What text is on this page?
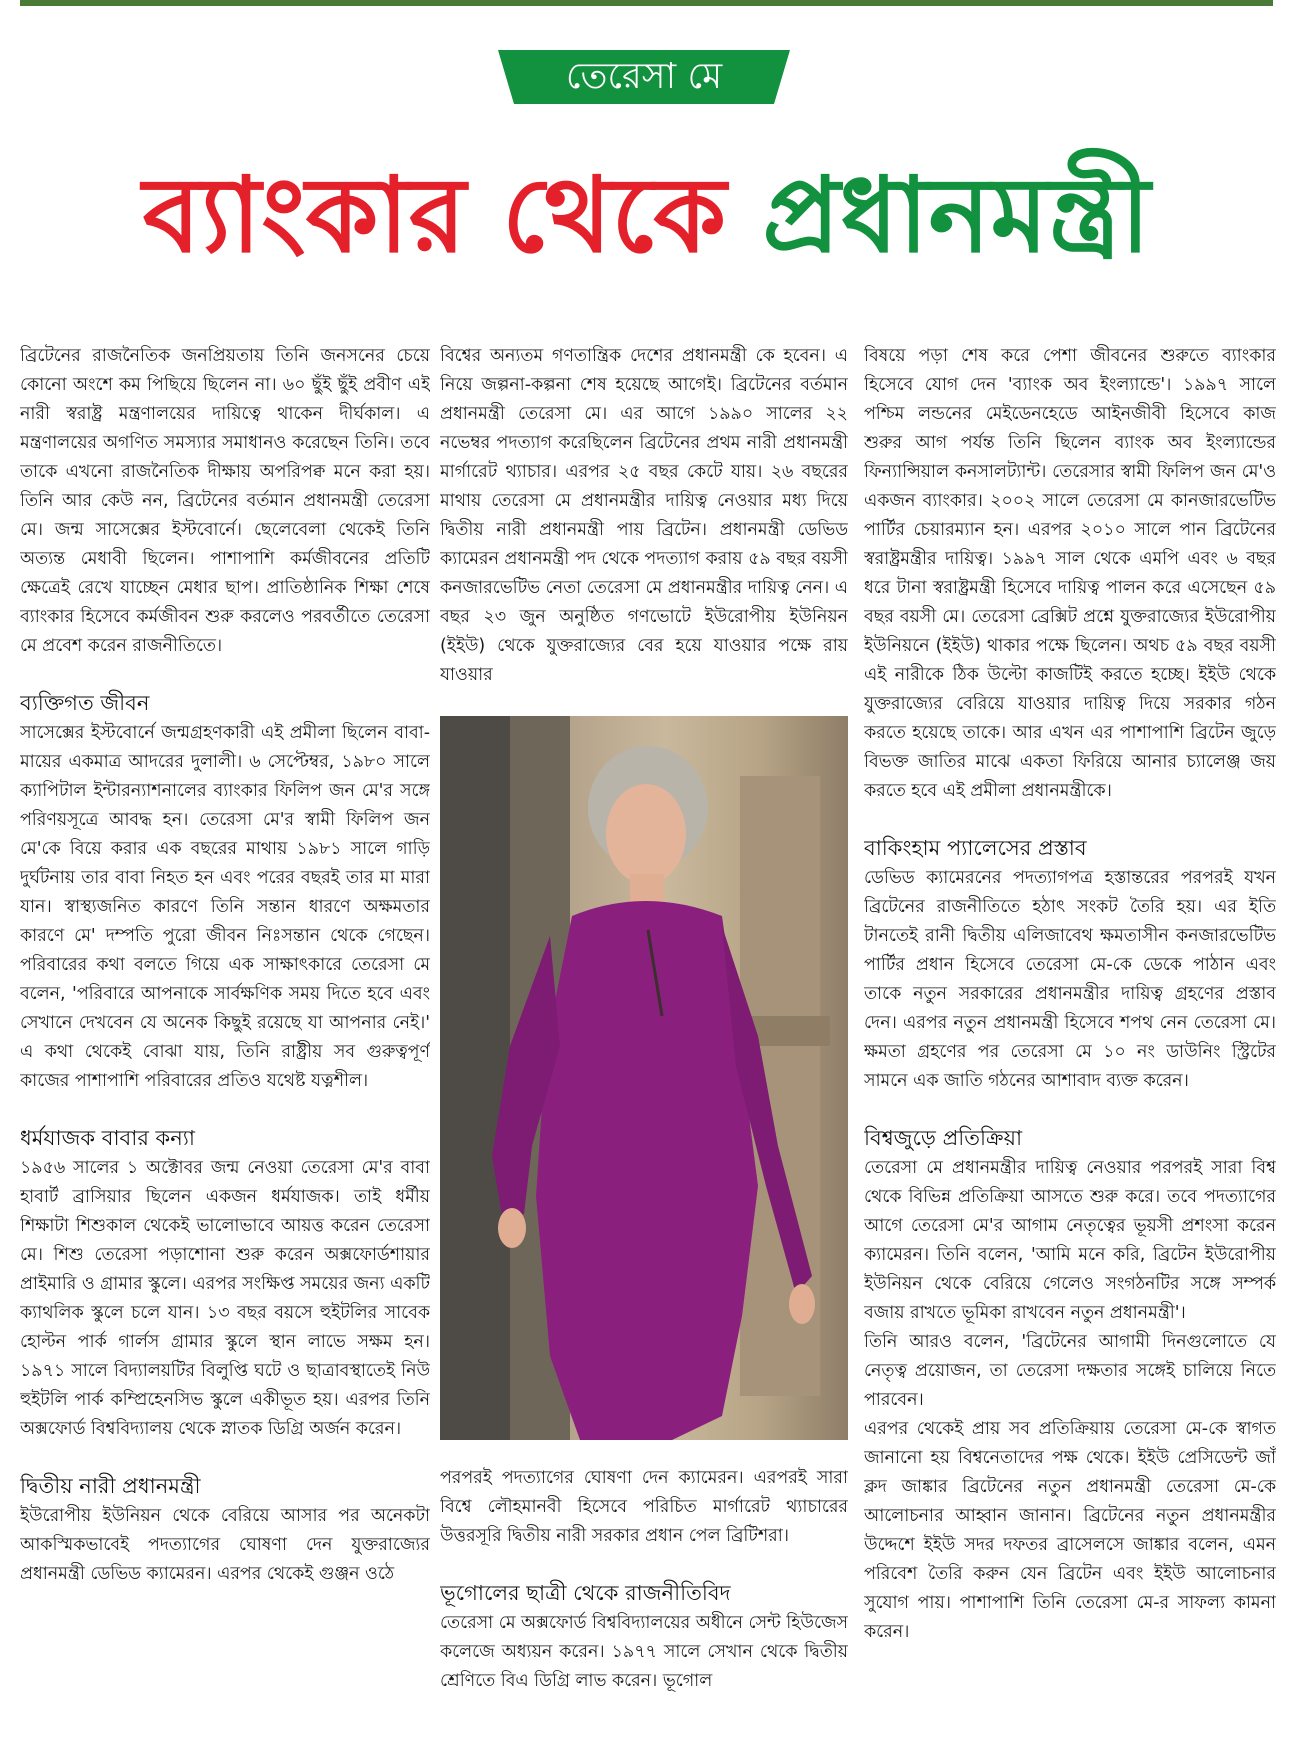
তেরেসা মে
ব্যাংকার থেকে প্রধানমন্ত্রী

ব্রিটেনের রাজনৈতিক জনপ্রিয়তায় তিনি জনসনের চেয়ে কোনো অংশে কম পিছিয়ে ছিলেন না। ৬০ ছুঁই ছুঁই প্রবীণ এই নারী স্বরাষ্ট্র মন্ত্রণালয়ের দায়িত্বে থাকেন দীর্ঘকাল। এ মন্ত্রণালয়ের অগণিত সমস্যার সমাধানও করেছেন তিনি। তবে তাকে এখনো রাজনৈতিক দীক্ষায় অপরিপক্ব মনে করা হয়। তিনি আর কেউ নন, ব্রিটেনের বর্তমান প্রধানমন্ত্রী তেরেসা মে। জন্ম সাসেক্সের ইস্টবোর্নে। ছেলেবেলা থেকেই তিনি অত্যন্ত মেধাবী ছিলেন। পাশাপাশি কর্মজীবনের প্রতিটি ক্ষেত্রেই রেখে যাচ্ছেন মেধার ছাপ। প্রাতিষ্ঠানিক শিক্ষা শেষে ব্যাংকার হিসেবে কর্মজীবন শুরু করলেও পরবর্তীতে তেরেসা মে প্রবেশ করেন রাজনীতিতে।

ব্যক্তিগত জীবন

সাসেক্সের ইস্টবোর্নে জন্মগ্রহণকারী এই প্রমীলা ছিলেন বাবা-মায়ের একমাত্র আদরের দুলালী। ৬ সেপ্টেম্বর, ১৯৮০ সালে ক্যাপিটাল ইন্টারন্যাশনালের ব্যাংকার ফিলিপ জন মে'র সঙ্গে পরিণয়সূত্রে আবদ্ধ হন। তেরেসা মে'র স্বামী ফিলিপ জন মে'কে বিয়ে করার এক বছরের মাথায় ১৯৮১ সালে গাড়ি দুর্ঘটনায় তার বাবা নিহত হন এবং পরের বছরই তার মা মারা যান। স্বাস্থ্যজনিত কারণে তিনি সন্তান ধারণে অক্ষমতার কারণে মে' দম্পতি পুরো জীবন নিঃসন্তান থেকে গেছেন। পরিবারের কথা বলতে গিয়ে এক সাক্ষাৎকারে তেরেসা মে বলেন, 'পরিবারে আপনাকে সার্বক্ষণিক সময় দিতে হবে এবং সেখানে দেখবেন যে অনেক কিছুই রয়েছে যা আপনার নেই।' এ কথা থেকেই বোঝা যায়, তিনি রাষ্ট্রীয় সব গুরুত্বপূর্ণ কাজের পাশাপাশি পরিবারের প্রতিও যথেষ্ট যত্নশীল।

ধর্মযাজক বাবার কন্যা

১৯৫৬ সালের ১ অক্টোবর জন্ম নেওয়া তেরেসা মে'র বাবা হাবার্ট ব্রাসিয়ার ছিলেন একজন ধর্মযাজক। তাই ধর্মীয় শিক্ষাটা শিশুকাল থেকেই ভালোভাবে আয়ত্ত করেন তেরেসা মে। শিশু তেরেসা পড়াশোনা শুরু করেন অক্সফোর্ডশায়ার প্রাইমারি ও গ্রামার স্কুলে। এরপর সংক্ষিপ্ত সময়ের জন্য একটি ক্যাথলিক স্কুলে চলে যান। ১৩ বছর বয়সে হুইটলির সাবেক হোল্টন পার্ক গার্লস গ্রামার স্কুলে স্থান লাভে সক্ষম হন। ১৯৭১ সালে বিদ্যালয়টির বিলুপ্তি ঘটে ও ছাত্রাবস্থাতেই নিউ হুইটলি পার্ক কম্প্রিহেনসিভ স্কুলে একীভূত হয়। এরপর তিনি অক্সফোর্ড বিশ্ববিদ্যালয় থেকে স্নাতক ডিগ্রি অর্জন করেন।

দ্বিতীয় নারী প্রধানমন্ত্রী

ইউরোপীয় ইউনিয়ন থেকে বেরিয়ে আসার পর অনেকটা আকস্মিকভাবেই পদত্যাগের ঘোষণা দেন যুক্তরাজ্যের প্রধানমন্ত্রী ডেভিড ক্যামেরন। এরপর থেকেই গুঞ্জন ওঠে

বিশ্বের অন্যতম গণতান্ত্রিক দেশের প্রধানমন্ত্রী কে হবেন। এ নিয়ে জল্পনা-কল্পনা শেষ হয়েছে আগেই। ব্রিটেনের বর্তমান প্রধানমন্ত্রী তেরেসা মে। এর আগে ১৯৯০ সালের ২২ নভেম্বর পদত্যাগ করেছিলেন ব্রিটেনের প্রথম নারী প্রধানমন্ত্রী মার্গারেট থ্যাচার। এরপর ২৫ বছর কেটে যায়। ২৬ বছরের মাথায় তেরেসা মে প্রধানমন্ত্রীর দায়িত্ব নেওয়ার মধ্য দিয়ে দ্বিতীয় নারী প্রধানমন্ত্রী পায় ব্রিটেন। প্রধানমন্ত্রী ডেভিড ক্যামেরন প্রধানমন্ত্রী পদ থেকে পদত্যাগ করায় ৫৯ বছর বয়সী কনজারভেটিভ নেতা তেরেসা মে প্রধানমন্ত্রীর দায়িত্ব নেন। এ বছর ২৩ জুন অনুষ্ঠিত গণভোটে ইউরোপীয় ইউনিয়ন (ইইউ) থেকে যুক্তরাজ্যের বের হয়ে যাওয়ার পক্ষে রায় যাওয়ার

পরপরই পদত্যাগের ঘোষণা দেন ক্যামেরন। এরপরই সারা বিশ্বে লৌহমানবী হিসেবে পরিচিত মার্গারেট থ্যাচারের উত্তরসূরি দ্বিতীয় নারী সরকার প্রধান পেল ব্রিটিশরা।

ভূগোলের ছাত্রী থেকে রাজনীতিবিদ

তেরেসা মে অক্সফোর্ড বিশ্ববিদ্যালয়ের অধীনে সেন্ট হিউজেস কলেজে অধ্যয়ন করেন। ১৯৭৭ সালে সেখান থেকে দ্বিতীয় শ্রেণিতে বিএ ডিগ্রি লাভ করেন। ভূগোল

বিষয়ে পড়া শেষ করে পেশা জীবনের শুরুতে ব্যাংকার হিসেবে যোগ দেন 'ব্যাংক অব ইংল্যান্ডে'। ১৯৯৭ সালে পশ্চিম লন্ডনের মেইডেনহেডে আইনজীবী হিসেবে কাজ শুরুর আগ পর্যন্ত তিনি ছিলেন ব্যাংক অব ইংল্যান্ডের ফিন্যান্সিয়াল কনসালট্যান্ট। তেরেসার স্বামী ফিলিপ জন মে'ও একজন ব্যাংকার। ২০০২ সালে তেরেসা মে কানজারভেটিভ পার্টির চেয়ারম্যান হন। এরপর ২০১০ সালে পান ব্রিটেনের স্বরাষ্ট্রমন্ত্রীর দায়িত্ব। ১৯৯৭ সাল থেকে এমপি এবং ৬ বছর ধরে টানা স্বরাষ্ট্রমন্ত্রী হিসেবে দায়িত্ব পালন করে এসেছেন ৫৯ বছর বয়সী মে। তেরেসা ব্রেক্সিট প্রশ্নে যুক্তরাজ্যের ইউরোপীয় ইউনিয়নে (ইইউ) থাকার পক্ষে ছিলেন। অথচ ৫৯ বছর বয়সী এই নারীকে ঠিক উল্টো কাজটিই করতে হচ্ছে। ইইউ থেকে যুক্তরাজ্যের বেরিয়ে যাওয়ার দায়িত্ব দিয়ে সরকার গঠন করতে হয়েছে তাকে। আর এখন এর পাশাপাশি ব্রিটেন জুড়ে বিভক্ত জাতির মাঝে একতা ফিরিয়ে আনার চ্যালেঞ্জ জয় করতে হবে এই প্রমীলা প্রধানমন্ত্রীকে।

বাকিংহাম প্যালেসের প্রস্তাব

ডেভিড ক্যামেরনের পদত্যাগপত্র হস্তান্তরের পরপরই যখন ব্রিটেনের রাজনীতিতে হঠাৎ সংকট তৈরি হয়। এর ইতি টানতেই রানী দ্বিতীয় এলিজাবেথ ক্ষমতাসীন কনজারভেটিভ পার্টির প্রধান হিসেবে তেরেসা মে-কে ডেকে পাঠান এবং তাকে নতুন সরকারের প্রধানমন্ত্রীর দায়িত্ব গ্রহণের প্রস্তাব দেন। এরপর নতুন প্রধানমন্ত্রী হিসেবে শপথ নেন তেরেসা মে। ক্ষমতা গ্রহণের পর তেরেসা মে ১০ নং ডাউনিং স্ট্রিটের সামনে এক জাতি গঠনের আশাবাদ ব্যক্ত করেন।

বিশ্বজুড়ে প্রতিক্রিয়া

তেরেসা মে প্রধানমন্ত্রীর দায়িত্ব নেওয়ার পরপরই সারা বিশ্ব থেকে বিভিন্ন প্রতিক্রিয়া আসতে শুরু করে। তবে পদত্যাগের আগে তেরেসা মে'র আগাম নেতৃত্বের ভূয়সী প্রশংসা করেন ক্যামেরন। তিনি বলেন, 'আমি মনে করি, ব্রিটেন ইউরোপীয় ইউনিয়ন থেকে বেরিয়ে গেলেও সংগঠনটির সঙ্গে সম্পর্ক বজায় রাখতে ভূমিকা রাখবেন নতুন প্রধানমন্ত্রী'।

তিনি আরও বলেন, 'ব্রিটেনের আগামী দিনগুলোতে যে নেতৃত্ব প্রয়োজন, তা তেরেসা দক্ষতার সঙ্গেই চালিয়ে নিতে পারবেন।

এরপর থেকেই প্রায় সব প্রতিক্রিয়ায় তেরেসা মে-কে স্বাগত জানানো হয় বিশ্বনেতাদের পক্ষ থেকে। ইইউ প্রেসিডেন্ট জাঁ ক্লদ জাঙ্কার ব্রিটেনের নতুন প্রধানমন্ত্রী তেরেসা মে-কে আলোচনার আহ্বান জানান। ব্রিটেনের নতুন প্রধানমন্ত্রীর উদ্দেশে ইইউ সদর দফতর ব্রাসেলসে জাঙ্কার বলেন, এমন পরিবেশ তৈরি করুন যেন ব্রিটেন এবং ইইউ আলোচনার সুযোগ পায়। পাশাপাশি তিনি তেরেসা মে-র সাফল্য কামনা করেন।
